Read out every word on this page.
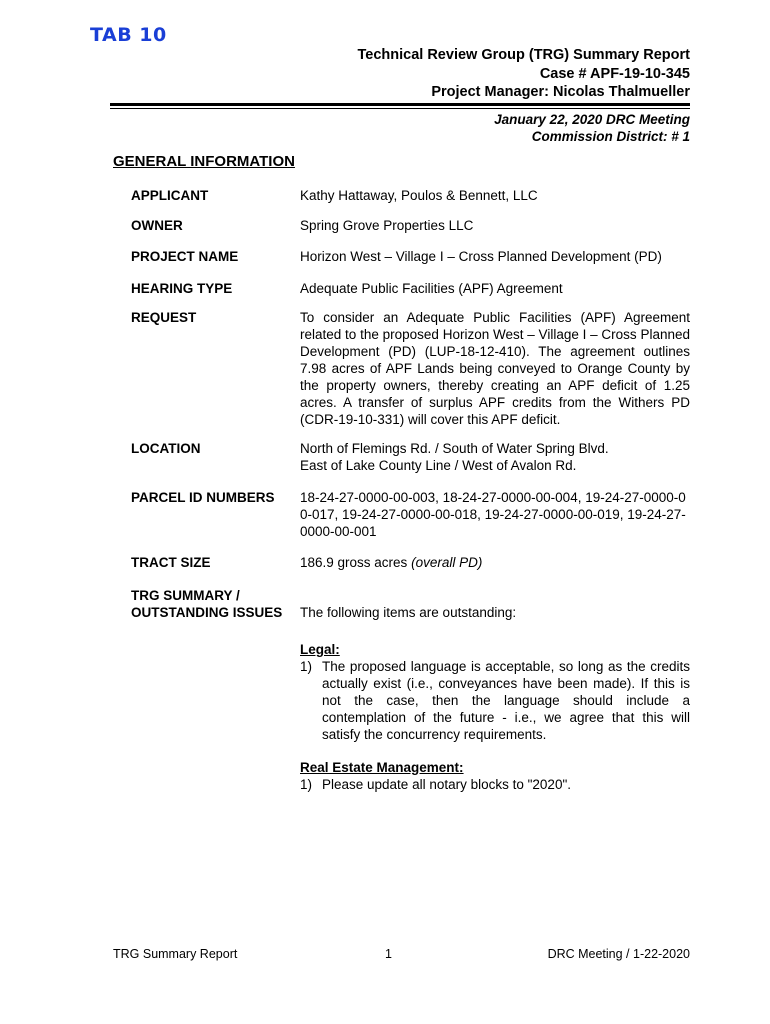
TAB 10
Technical Review Group (TRG) Summary Report
Case # APF-19-10-345
Project Manager: Nicolas Thalmueller
January 22, 2020 DRC Meeting
Commission District: # 1
GENERAL INFORMATION
APPLICANT	Kathy Hattaway, Poulos & Bennett, LLC
OWNER	Spring Grove Properties LLC
PROJECT NAME	Horizon West – Village I – Cross Planned Development (PD)
HEARING TYPE	Adequate Public Facilities (APF) Agreement
REQUEST	To consider an Adequate Public Facilities (APF) Agreement related to the proposed Horizon West – Village I – Cross Planned Development (PD) (LUP-18-12-410). The agreement outlines 7.98 acres of APF Lands being conveyed to Orange County by the property owners, thereby creating an APF deficit of 1.25 acres. A transfer of surplus APF credits from the Withers PD (CDR-19-10-331) will cover this APF deficit.
LOCATION	North of Flemings Rd. / South of Water Spring Blvd.
East of Lake County Line / West of Avalon Rd.
PARCEL ID NUMBERS 18-24-27-0000-00-003, 18-24-27-0000-00-004, 19-24-27-0000-00-017, 19-24-27-0000-00-018, 19-24-27-0000-00-019, 19-24-27-0000-00-001
TRACT SIZE	186.9 gross acres (overall PD)
TRG SUMMARY /
OUTSTANDING ISSUES The following items are outstanding:
Legal:
1) The proposed language is acceptable, so long as the credits actually exist (i.e., conveyances have been made). If this is not the case, then the language should include a contemplation of the future - i.e., we agree that this will satisfy the concurrency requirements.
Real Estate Management:
1) Please update all notary blocks to "2020".
TRG Summary Report	1	DRC Meeting / 1-22-2020
